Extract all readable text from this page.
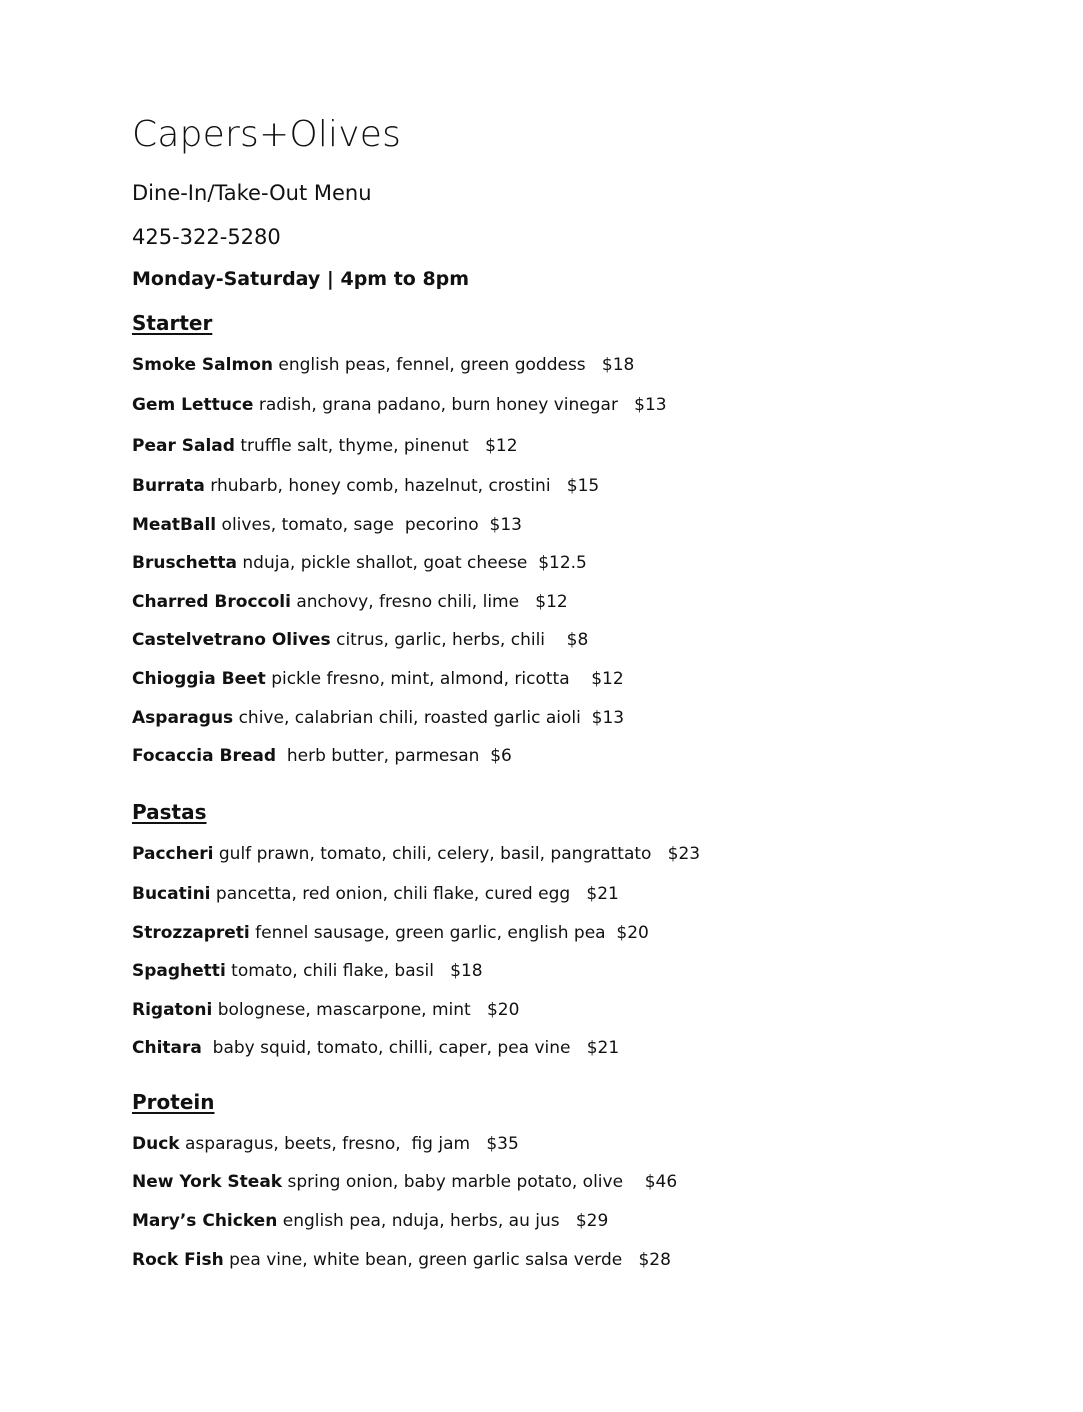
Capers+Olives
Dine-In/Take-Out Menu
425-322-5280
Monday-Saturday | 4pm to 8pm
Starter
Smoke Salmon english peas, fennel, green goddess $18
Gem Lettuce radish, grana padano, burn honey vinegar $13
Pear Salad truffle salt, thyme, pinenut $12
Burrata rhubarb, honey comb, hazelnut, crostini $15
MeatBall olives, tomato, sage  pecorino $13
Bruschetta nduja, pickle shallot, goat cheese $12.5
Charred Broccoli anchovy, fresno chili, lime $12
Castelvetrano Olives citrus, garlic, herbs, chili $8
Chioggia Beet pickle fresno, mint, almond, ricotta $12
Asparagus chive, calabrian chili, roasted garlic aioli $13
Focaccia Bread  herb butter, parmesan $6
Pastas
Paccheri gulf prawn, tomato, chili, celery, basil, pangrattato $23
Bucatini pancetta, red onion, chili flake, cured egg $21
Strozzapreti fennel sausage, green garlic, english pea $20
Spaghetti tomato, chili flake, basil $18
Rigatoni bolognese, mascarpone, mint $20
Chitara  baby squid, tomato, chilli, caper, pea vine $21
Protein
Duck asparagus, beets, fresno,  fig jam $35
New York Steak spring onion, baby marble potato, olive $46
Mary’s Chicken english pea, nduja, herbs, au jus $29
Rock Fish pea vine, white bean, green garlic salsa verde $28
